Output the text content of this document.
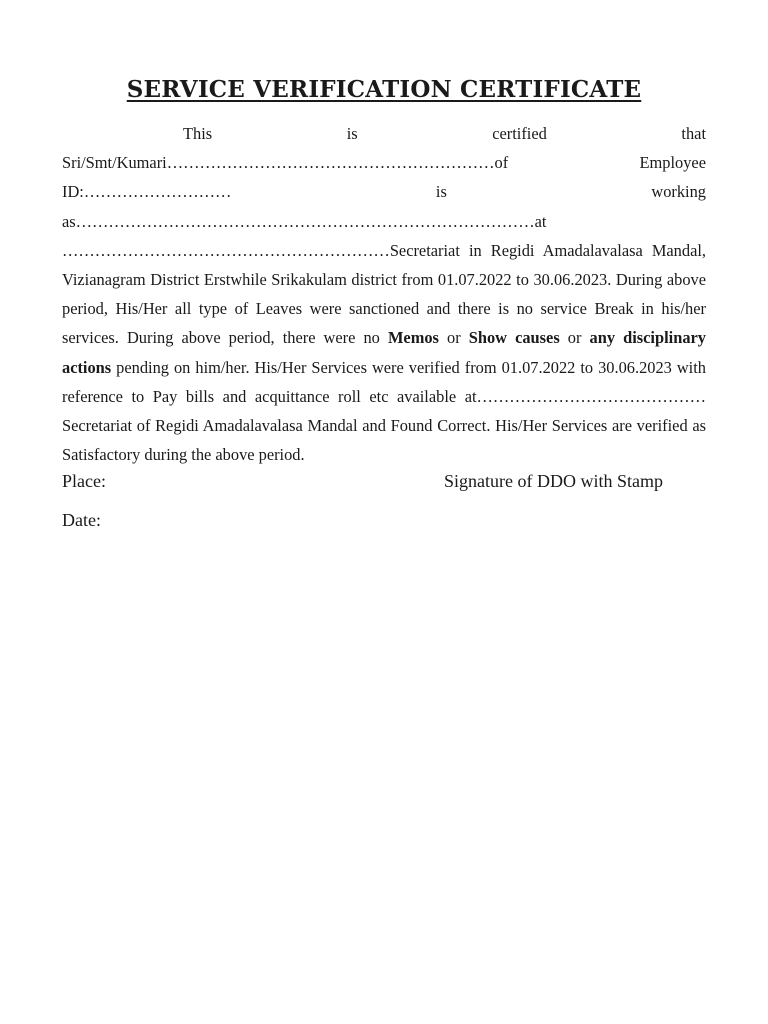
SERVICE VERIFICATION CERTIFICATE

This is certified that Sri/Smt/Kumari……………………………………………………of Employee ID:……………………… is working as…………………………………………………………………………at ……………………………………………………Secretariat in Regidi Amadalavalasa Mandal, Vizianagram District Erstwhile Srikakulam district from 01.07.2022 to 30.06.2023. During above period, His/Her all type of Leaves were sanctioned and there is no service Break in his/her services. During above period, there were no Memos or Show causes or any disciplinary actions pending on him/her. His/Her Services were verified from 01.07.2022 to 30.06.2023 with reference to Pay bills and acquittance roll etc available at……………………………………Secretariat of Regidi Amadalavalasa Mandal and Found Correct. His/Her Services are verified as Satisfactory during the above period.

Place:	Signature of DDO with Stamp

Date:
